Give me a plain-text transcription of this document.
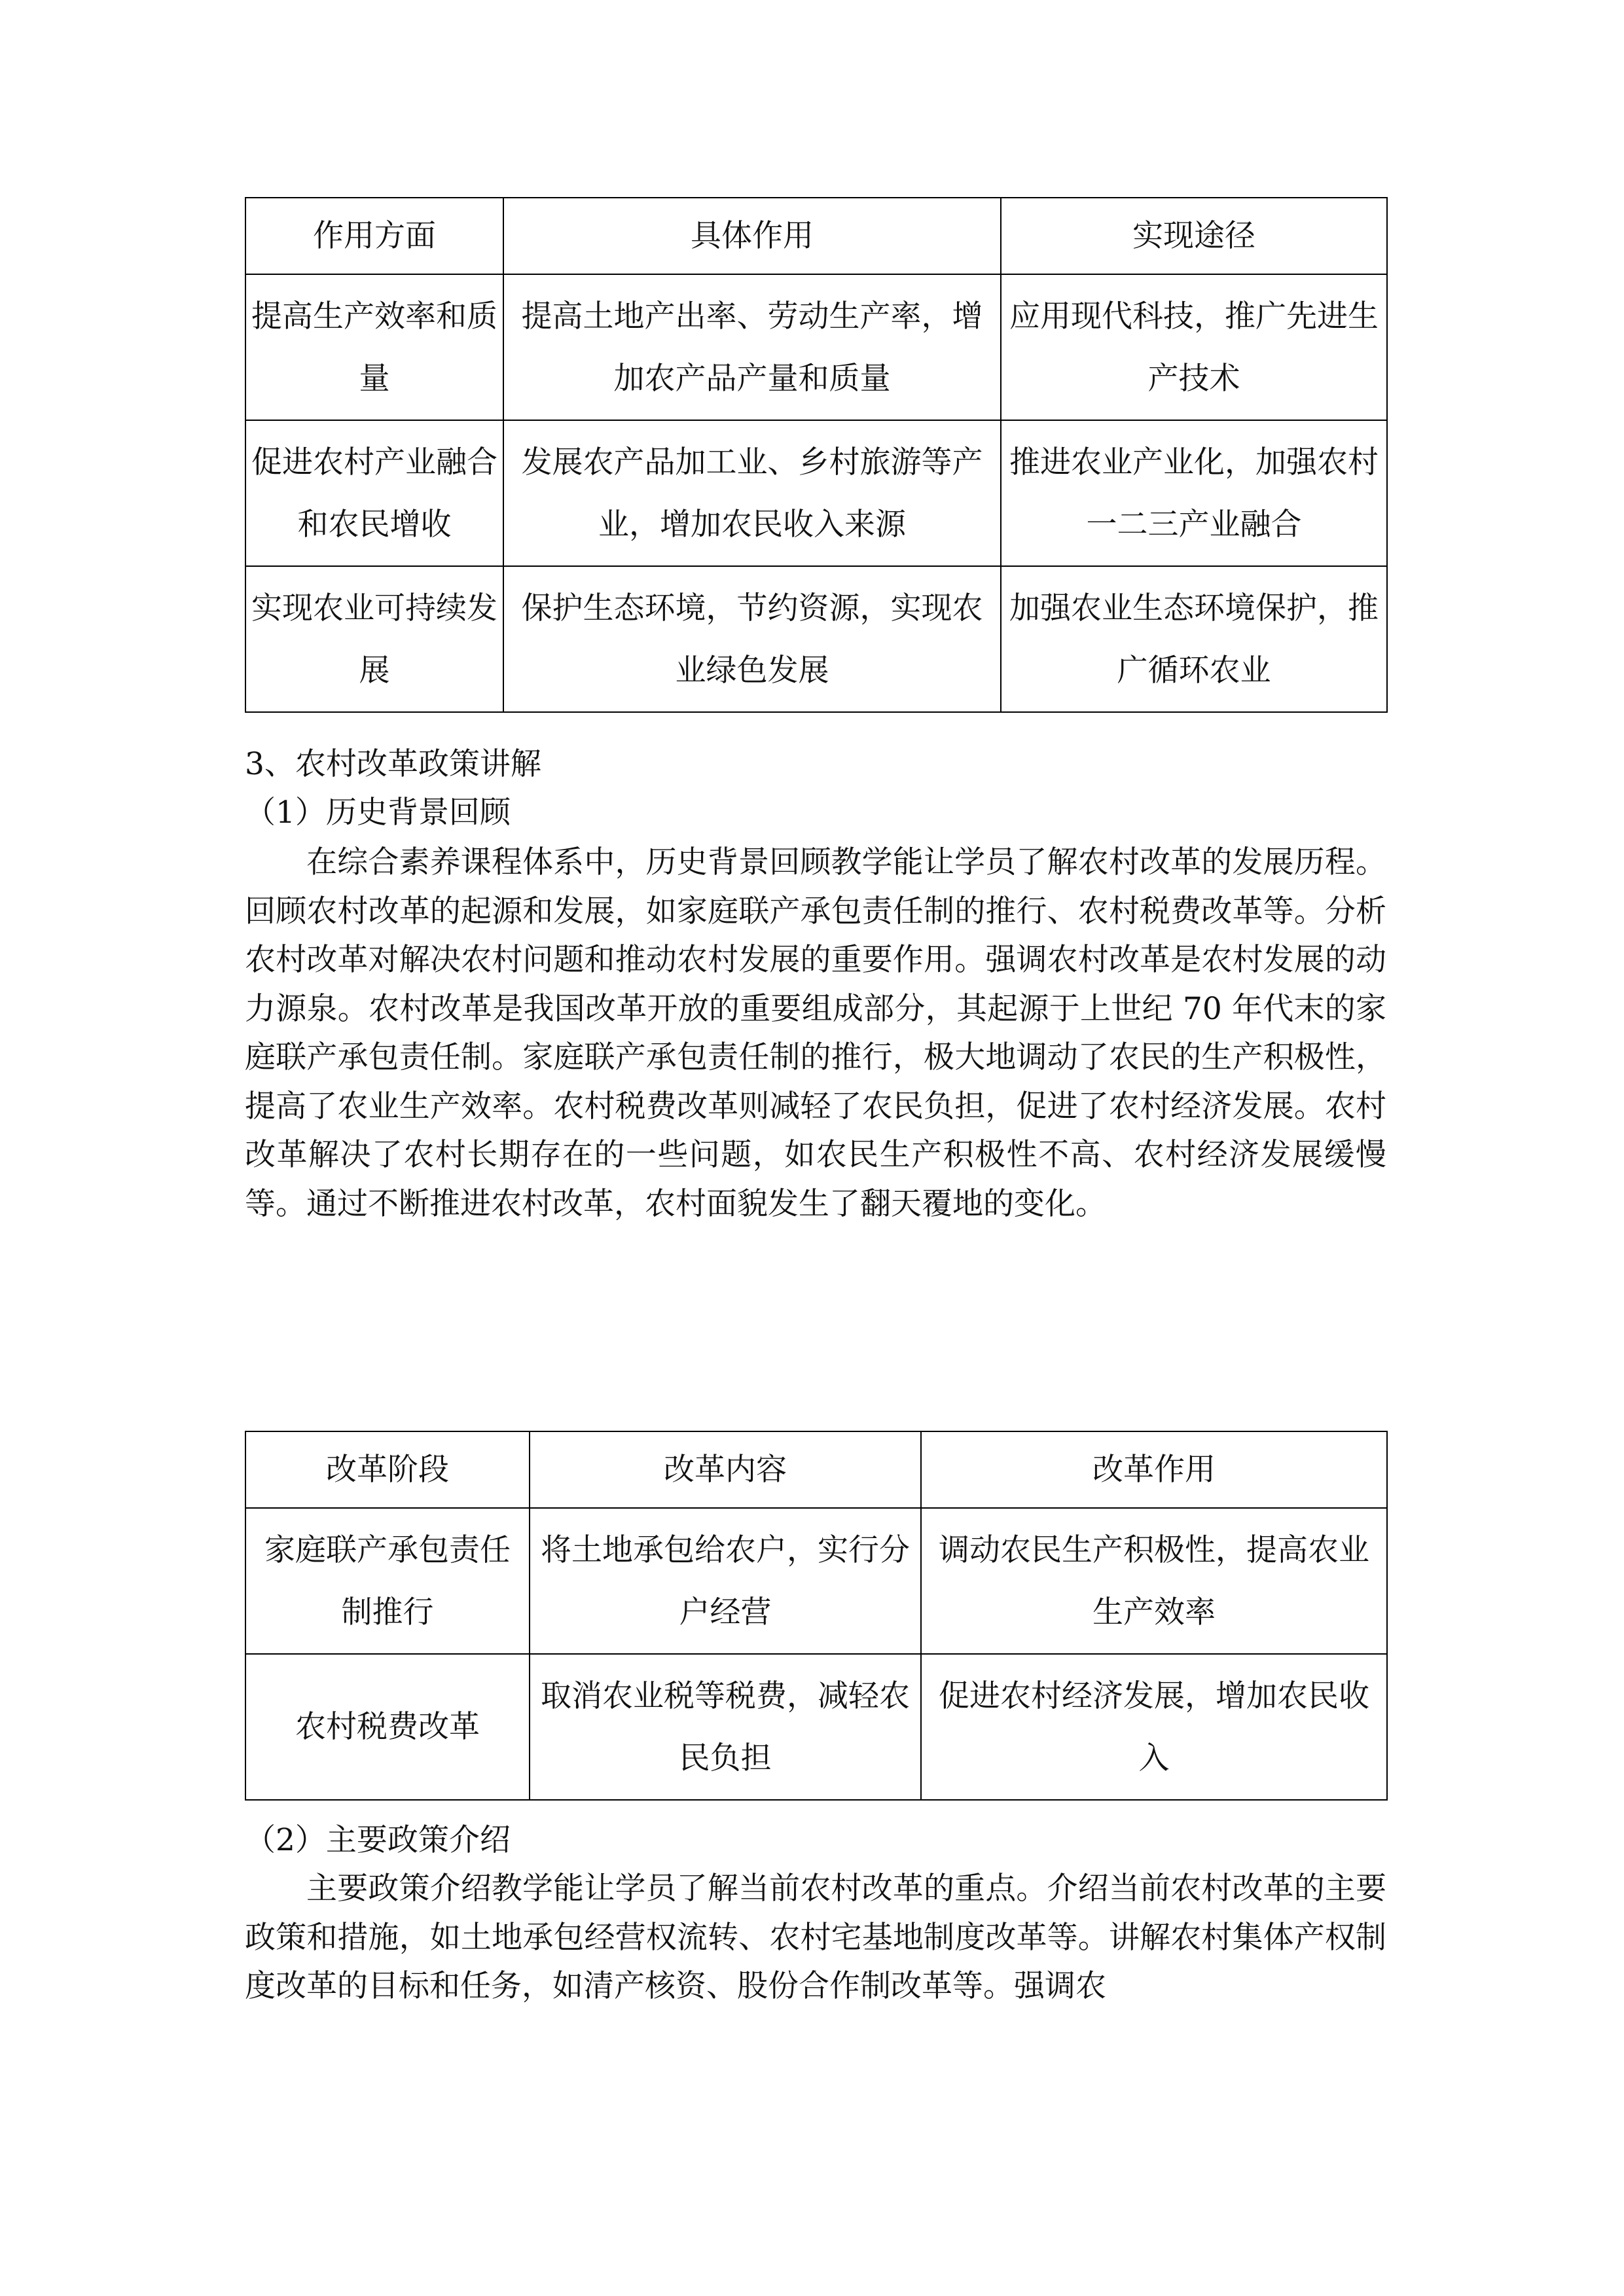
作用方面	具体作用	实现途径
提高生产效率和质量	提高土地产出率、劳动生产率，增加农产品产量和质量	应用现代科技，推广先进生产技术
促进农村产业融合和农民增收	发展农产品加工业、乡村旅游等产业，增加农民收入来源	推进农业产业化，加强农村一二三产业融合
实现农业可持续发展	保护生态环境，节约资源，实现农业绿色发展	加强农业生态环境保护，推广循环农业
3、农村改革政策讲解
（1）历史背景回顾
在综合素养课程体系中，历史背景回顾教学能让学员了解农村改革的发展历程。回顾农村改革的起源和发展，如家庭联产承包责任制的推行、农村税费改革等。分析农村改革对解决农村问题和推动农村发展的重要作用。强调农村改革是农村发展的动力源泉。农村改革是我国改革开放的重要组成部分，其起源于上世纪 70 年代末的家庭联产承包责任制。家庭联产承包责任制的推行，极大地调动了农民的生产积极性，提高了农业生产效率。农村税费改革则减轻了农民负担，促进了农村经济发展。农村改革解决了农村长期存在的一些问题，如农民生产积极性不高、农村经济发展缓慢等。通过不断推进农村改革，农村面貌发生了翻天覆地的变化。
改革阶段	改革内容	改革作用
家庭联产承包责任制推行	将土地承包给农户，实行分户经营	调动农民生产积极性，提高农业生产效率
农村税费改革	取消农业税等税费，减轻农民负担	促进农村经济发展，增加农民收入
（2）主要政策介绍
主要政策介绍教学能让学员了解当前农村改革的重点。介绍当前农村改革的主要政策和措施，如土地承包经营权流转、农村宅基地制度改革等。讲解农村集体产权制度改革的目标和任务，如清产核资、股份合作制改革等。强调农
